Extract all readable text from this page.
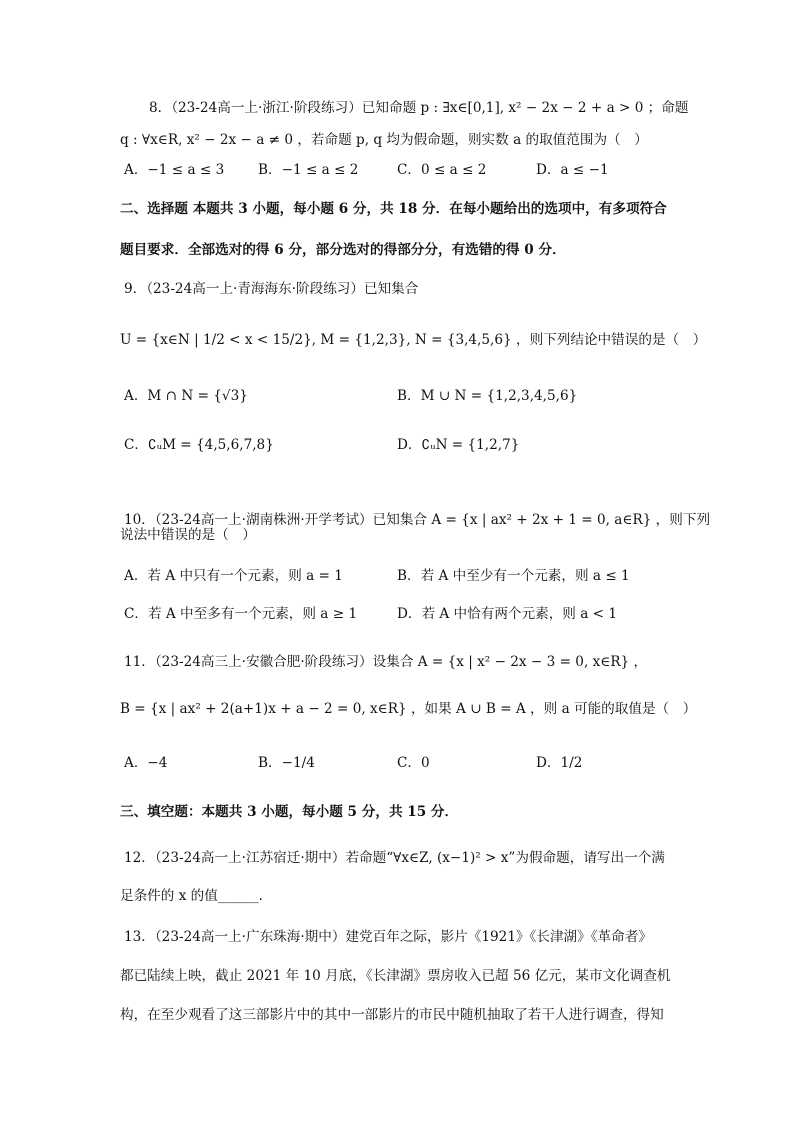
8．（23-24高一上·浙江·阶段练习）已知命题 p : ∃x∈[0,1], x² − 2x − 2 + a > 0 ；命题
q : ∀x∈R, x² − 2x − a ≠ 0 ，若命题 p, q 均为假命题，则实数 a 的取值范围为（　）
A．−1 ≤ a ≤ 3 B．−1 ≤ a ≤ 2	C．0 ≤ a ≤ 2	D．a ≤ −1
二、选择题 本题共 3 小题，每小题 6 分，共 18 分．在每小题给出的选项中，有多项符合
题目要求．全部选对的得 6 分，部分选对的得部分分，有选错的得 0 分．
9．（23-24高一上·青海海东·阶段练习）已知集合
U = {x∈N | 1/2 < x < 15/2}, M = {1,2,3}, N = {3,4,5,6} ，则下列结论中错误的是（　）
A．M ∩ N = {√3}	B．M ∪ N = {1,2,3,4,5,6}
C．∁ᵤM = {4,5,6,7,8}	D．∁ᵤN = {1,2,7}
10．（23-24高一上·湖南株洲·开学考试）已知集合 A = {x | ax² + 2x + 1 = 0, a∈R} ，则下列
说法中错误的是（　）
A．若 A 中只有一个元素，则 a = 1	B．若 A 中至少有一个元素，则 a ≤ 1
C．若 A 中至多有一个元素，则 a ≥ 1	D．若 A 中恰有两个元素，则 a < 1
11．（23-24高三上·安徽合肥·阶段练习）设集合 A = {x | x² − 2x − 3 = 0, x∈R} ，
B = {x | ax² + 2(a+1)x + a − 2 = 0, x∈R} ，如果 A ∪ B = A ，则 a 可能的取值是（　）
A．−4	B．−1/4	C．0	D．1/2
三、填空题：本题共 3 小题，每小题 5 分，共 15 分．
12．（23-24高一上·江苏宿迁·期中）若命题“∀x∈Z, (x−1)² > x”为假命题，请写出一个满
足条件的 x 的值______．
13．（23-24高一上·广东珠海·期中）建党百年之际，影片《1921》《长津湖》《革命者》
都已陆续上映，截止 2021 年 10 月底，《长津湖》票房收入已超 56 亿元，某市文化调查机
构，在至少观看了这三部影片中的其中一部影片的市民中随机抽取了若干人进行调查，得知
